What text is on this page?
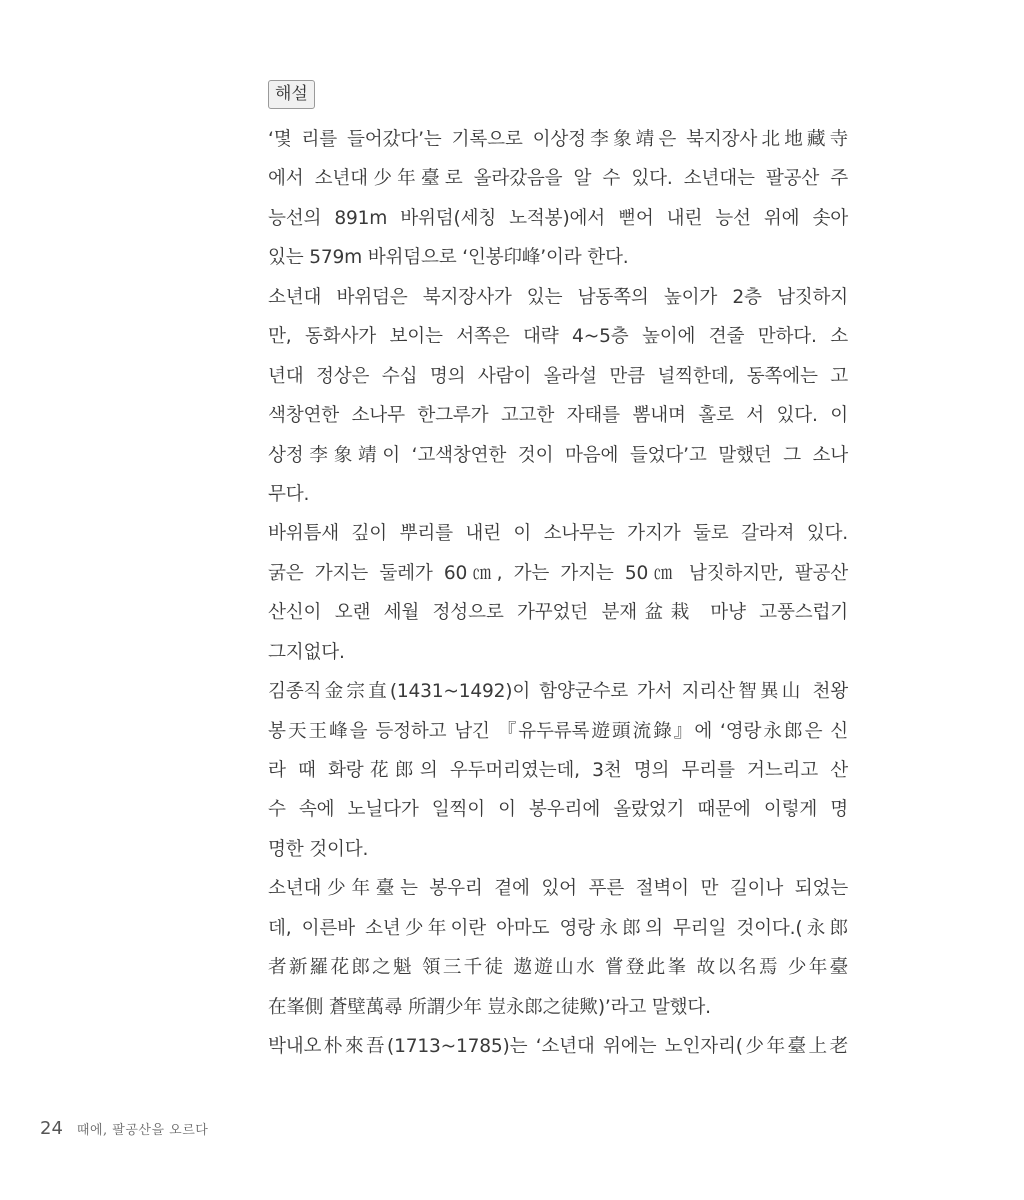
해설
‘몇 리를 들어갔다’는 기록으로 이상정李象靖은 북지장사北地藏寺
에서 소년대少年臺로 올라갔음을 알 수 있다. 소년대는 팔공산 주
능선의 891m 바위덤(세칭 노적봉)에서 뻗어 내린 능선 위에 솟아
있는 579m 바위덤으로 ‘인봉印峰’이라 한다.
소년대 바위덤은 북지장사가 있는 남동쪽의 높이가 2층 남짓하지
만, 동화사가 보이는 서쪽은 대략 4~5층 높이에 견줄 만하다. 소
년대 정상은 수십 명의 사람이 올라설 만큼 널찍한데, 동쪽에는 고
색창연한 소나무 한그루가 고고한 자태를 뽐내며 홀로 서 있다. 이
상정李象靖이 ‘고색창연한 것이 마음에 들었다’고 말했던 그 소나
무다.
바위틈새 깊이 뿌리를 내린 이 소나무는 가지가 둘로 갈라져 있다.
굵은 가지는 둘레가 60㎝, 가는 가지는 50㎝ 남짓하지만, 팔공산
산신이 오랜 세월 정성으로 가꾸었던 분재盆栽 마냥 고풍스럽기
그지없다.
김종직金宗直(1431~1492)이 함양군수로 가서 지리산智異山 천왕
봉天王峰을 등정하고 남긴 『유두류록遊頭流錄』에 ‘영랑永郎은 신
라 때 화랑花郎의 우두머리였는데, 3천 명의 무리를 거느리고 산
수 속에 노닐다가 일찍이 이 봉우리에 올랐었기 때문에 이렇게 명
명한 것이다.
소년대少年臺는 봉우리 곁에 있어 푸른 절벽이 만 길이나 되었는
데, 이른바 소년少年이란 아마도 영랑永郎의 무리일 것이다.(永郎
者新羅花郎之魁 領三千徒 遨遊山水 嘗登此峯 故以名焉 少年臺
在峯側 蒼壁萬尋 所謂少年 豈永郎之徒歟)’라고 말했다.
박내오朴來吾(1713~1785)는 ‘소년대 위에는 노인자리(少年臺上老
24 때에, 팔공산을 오르다
